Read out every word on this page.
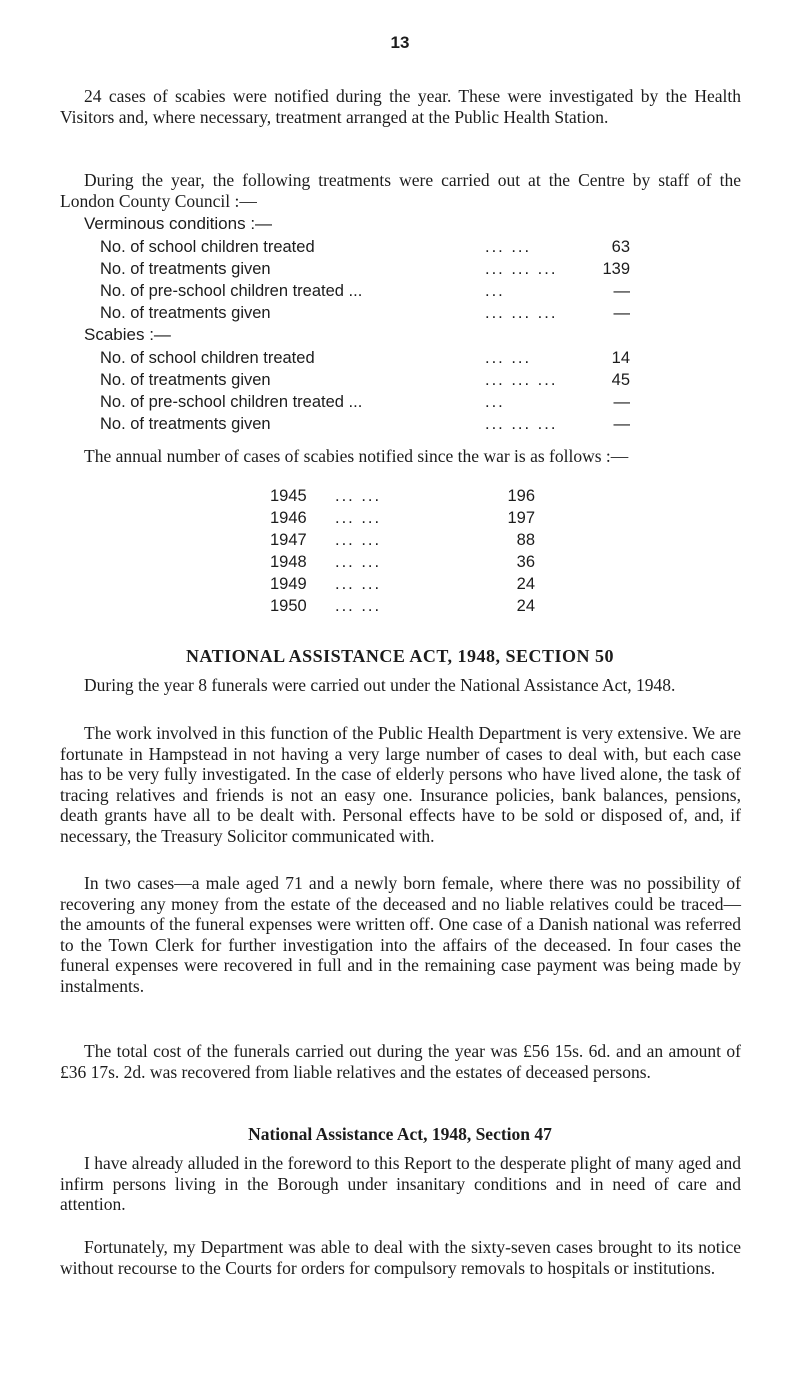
13

24 cases of scabies were notified during the year. These were investigated by the Health Visitors and, where necessary, treatment arranged at the Public Health Station.

During the year, the following treatments were carried out at the Centre by staff of the London County Council :—

Verminous conditions :—
No. of school children treated	... ...	63
No. of treatments given	... ... ...	139
No. of pre-school children treated ...	...	—
No. of treatments given	... ... ...	—
Scabies :—
No. of school children treated	... ...	14
No. of treatments given	... ... ...	45
No. of pre-school children treated ...	...	—
No. of treatments given	... ... ...	—

The annual number of cases of scabies notified since the war is as follows :—

1945 ... ...	196
1946 ... ...	197
1947 ... ...	88
1948 ... ...	36
1949 ... ...	24
1950 ... ...	24
NATIONAL ASSISTANCE ACT, 1948, SECTION 50

During the year 8 funerals were carried out under the National Assistance Act, 1948.

The work involved in this function of the Public Health Department is very extensive. We are fortunate in Hampstead in not having a very large number of cases to deal with, but each case has to be very fully investigated. In the case of elderly persons who have lived alone, the task of tracing relatives and friends is not an easy one. Insurance policies, bank balances, pensions, death grants have all to be dealt with. Personal effects have to be sold or disposed of, and, if necessary, the Treasury Solicitor communicated with.

In two cases—a male aged 71 and a newly born female, where there was no possibility of recovering any money from the estate of the deceased and no liable relatives could be traced—the amounts of the funeral expenses were written off. One case of a Danish national was referred to the Town Clerk for further investigation into the affairs of the deceased. In four cases the funeral expenses were recovered in full and in the remaining case payment was being made by instalments.

The total cost of the funerals carried out during the year was £56 15s. 6d. and an amount of £36 17s. 2d. was recovered from liable relatives and the estates of deceased persons.

National Assistance Act, 1948, Section 47

I have already alluded in the foreword to this Report to the desperate plight of many aged and infirm persons living in the Borough under insanitary conditions and in need of care and attention.

Fortunately, my Department was able to deal with the sixty-seven cases brought to its notice without recourse to the Courts for orders for compulsory removals to hospitals or institutions.
